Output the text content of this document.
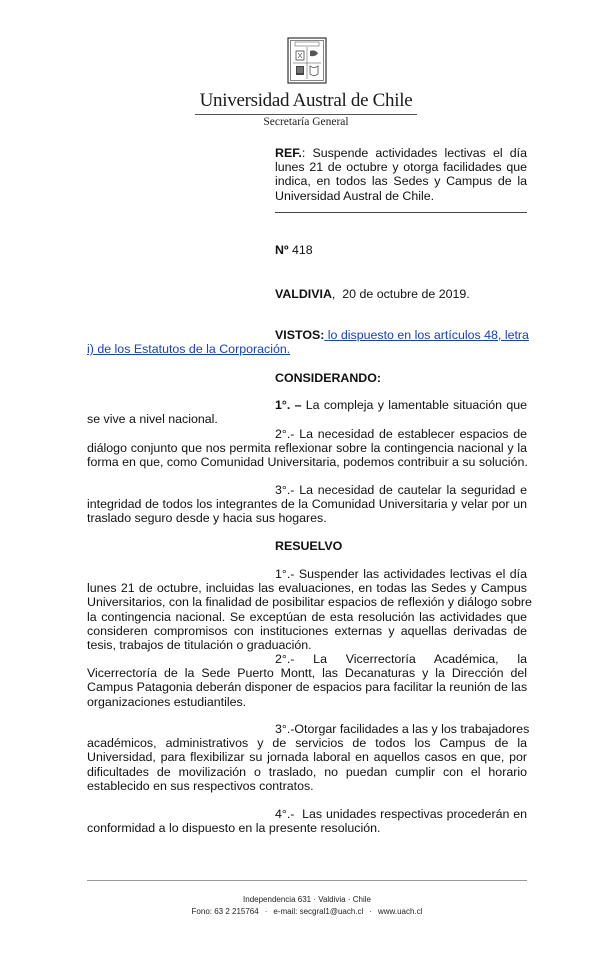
Universidad Austral de Chile
Secretaría General
REF.: Suspende actividades lectivas el día
lunes 21 de octubre y otorga facilidades que
indica, en todos las Sedes y Campus de la
Universidad Austral de Chile.
Nº 418
VALDIVIA,  20 de octubre de 2019.
VISTOS: lo dispuesto en los artículos 48, letra
i) de los Estatutos de la Corporación.
CONSIDERANDO:
1°. – La compleja y lamentable situación que
se vive a nivel nacional.
2°.- La necesidad de establecer espacios de
diálogo conjunto que nos permita reflexionar sobre la contingencia nacional y la
forma en que, como Comunidad Universitaria, podemos contribuir a su solución.
3°.- La necesidad de cautelar la seguridad e
integridad de todos los integrantes de la Comunidad Universitaria y velar por un
traslado seguro desde y hacia sus hogares.
RESUELVO
1°.- Suspender las actividades lectivas el día
lunes 21 de octubre, incluidas las evaluaciones, en todas las Sedes y Campus
Universitarios, con la finalidad de posibilitar espacios de reflexión y diálogo sobre
la contingencia nacional. Se exceptúan de esta resolución las actividades que
consideren compromisos con instituciones externas y aquellas derivadas de
tesis, trabajos de titulación o graduación.
2°.-    La    Vicerrectoría    Académica,    la
Vicerrectoría de la Sede Puerto Montt, las Decanaturas y la Dirección del
Campus Patagonia deberán disponer de espacios para facilitar la reunión de las
organizaciones estudiantiles.
3°.-Otorgar facilidades a las y los trabajadores
académicos, administrativos y de servicios de todos los Campus de la
Universidad, para flexibilizar su jornada laboral en aquellos casos en que, por
dificultades de movilización o traslado, no puedan cumplir con el horario
establecido en sus respectivos contratos.
4°.-  Las unidades respectivas procederán en
conformidad a lo dispuesto en la presente resolución.
Independencia 631 · Valdivia · Chile
Fono: 63 2 215764 · e-mail: secgral1@uach.cl · www.uach.cl
